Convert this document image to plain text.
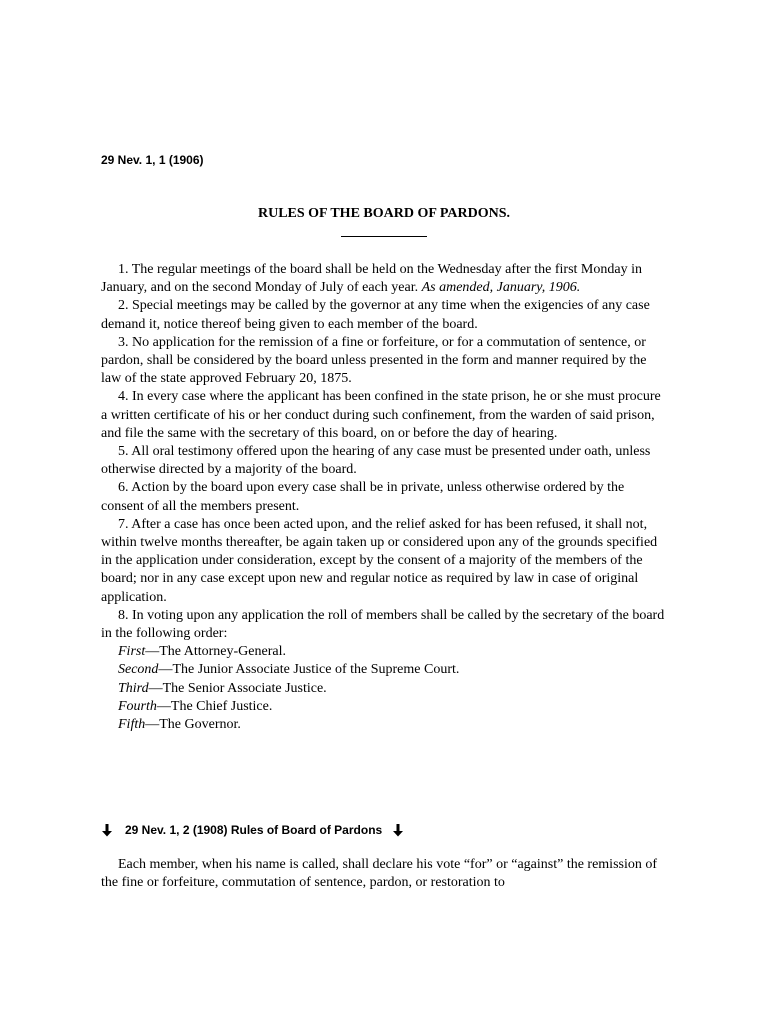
29 Nev. 1, 1 (1906)
RULES OF THE BOARD OF PARDONS.

1. The regular meetings of the board shall be held on the Wednesday after the first Monday in January, and on the second Monday of July of each year. As amended, January, 1906.

2. Special meetings may be called by the governor at any time when the exigencies of any case demand it, notice thereof being given to each member of the board.

3. No application for the remission of a fine or forfeiture, or for a commutation of sentence, or pardon, shall be considered by the board unless presented in the form and manner required by the law of the state approved February 20, 1875.

4. In every case where the applicant has been confined in the state prison, he or she must procure a written certificate of his or her conduct during such confinement, from the warden of said prison, and file the same with the secretary of this board, on or before the day of hearing.

5. All oral testimony offered upon the hearing of any case must be presented under oath, unless otherwise directed by a majority of the board.

6. Action by the board upon every case shall be in private, unless otherwise ordered by the consent of all the members present.

7. After a case has once been acted upon, and the relief asked for has been refused, it shall not, within twelve months thereafter, be again taken up or considered upon any of the grounds specified in the application under consideration, except by the consent of a majority of the members of the board; nor in any case except upon new and regular notice as required by law in case of original application.

8. In voting upon any application the roll of members shall be called by the secretary of the board in the following order:

First—The Attorney-General.
Second—The Junior Associate Justice of the Supreme Court.
Third—The Senior Associate Justice.
Fourth—The Chief Justice.
Fifth—The Governor.
29 Nev. 1, 2 (1908) Rules of Board of Pardons

Each member, when his name is called, shall declare his vote “for” or “against” the remission of the fine or forfeiture, commutation of sentence, pardon, or restoration to
